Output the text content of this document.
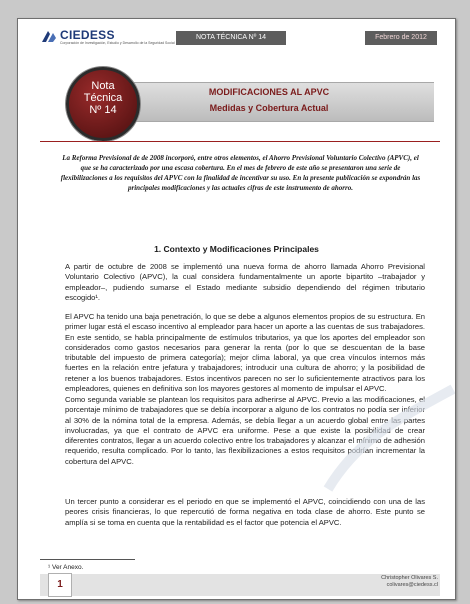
CIEDESS
Corporación de Investigación, Estudio y Desarrollo de la Seguridad Social
NOTA TÉCNICA Nº 14	Febrero de 2012
MODIFICACIONES AL APVC
Medidas y Cobertura Actual
Nota
Técnica
Nº 14
La Reforma Previsional de de 2008 incorporó, entre otros elementos, el Ahorro Previsional Voluntario Colectivo (APVC), el que se ha caracterizado por una escasa cobertura. En el mes de febrero de este año se presentaron una serie de flexibilizaciones a los requisitos del APVC con la finalidad de incentivar su uso. En la presente publicación se expondrán las principales modificaciones y las actuales cifras de este instrumento de ahorro.
1. Contexto y Modificaciones Principales
A partir de octubre de 2008 se implementó una nueva forma de ahorro llamada Ahorro Previsional Voluntario Colectivo (APVC), la cual considera fundamentalmente un aporte bipartito –trabajador y empleador–, pudiendo sumarse el Estado mediante subsidio dependiendo del régimen tributario escogido¹.
El APVC ha tenido una baja penetración, lo que se debe a algunos elementos propios de su estructura. En primer lugar está el escaso incentivo al empleador para hacer un aporte a las cuentas de sus trabajadores. En este sentido, se habla principalmente de estímulos tributarios, ya que los aportes del empleador son considerados como gastos necesarios para generar la renta (por lo que se descuentan de la base tributable del impuesto de primera categoría); mejor clima laboral, ya que crea vínculos internos más fuertes en la relación entre jefatura y trabajadores; introducir una cultura de ahorro; y la posibilidad de retener a los buenos trabajadores. Estos incentivos parecen no ser lo suficientemente atractivos para los empleadores, quienes en definitiva son los mayores gestores al momento de impulsar el APVC.
Como segunda variable se plantean los requisitos para adherirse al APVC. Previo a las modificaciones, el porcentaje mínimo de trabajadores que se debía incorporar a alguno de los contratos no podía ser inferior al 30% de la nómina total de la empresa. Además, se debía llegar a un acuerdo global entre las partes involucradas, ya que el contrato de APVC era uniforme. Pese a que existe la posibilidad de crear diferentes contratos, llegar a un acuerdo colectivo entre los trabajadores y alcanzar el mínimo de adhesión requerido, resulta complicado. Por lo tanto, las flexibilizaciones a estos requisitos podrían incrementar la cobertura del APVC.
Un tercer punto a considerar es el periodo en que se implementó el APVC, coincidiendo con una de las peores crisis financieras, lo que repercutió de forma negativa en toda clase de ahorro. Este punto se amplía si se toma en cuenta que la rentabilidad es el factor que potencia el APVC.
¹ Ver Anexo.
1
Christopher Olivares S.
colivares@ciedess.cl
